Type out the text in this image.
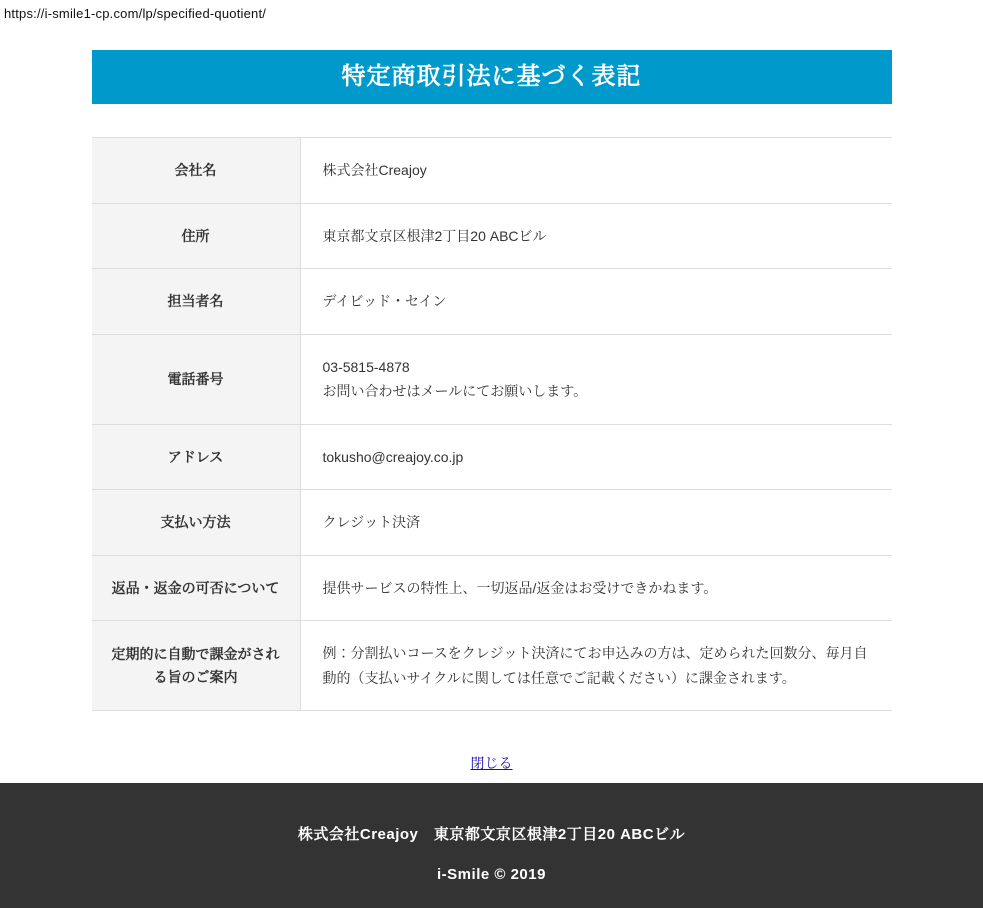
https://i-smile1-cp.com/lp/specified-quotient/
特定商取引法に基づく表記
会社名	株式会社Creajoy

住所	東京都文京区根津2丁目20 ABCビル

担当者名	デイビッド・セイン

電話番号	03-5815-4878
お問い合わせはメールにてお願いします。

アドレス	tokusho@creajoy.co.jp

支払い方法	クレジット決済

返品・返金の可否について	提供サービスの特性上、一切返品/返金はお受けできかねます。

定期的に自動で課金がされる旨のご案内	例：分割払いコースをクレジット決済にてお申込みの方は、定められた回数分、毎月自動的（支払いサイクルに関しては任意でご記載ください）に課金されます。
閉じる
株式会社Creajoy　東京都文京区根津2丁目20 ABCビル
i-Smile © 2019
